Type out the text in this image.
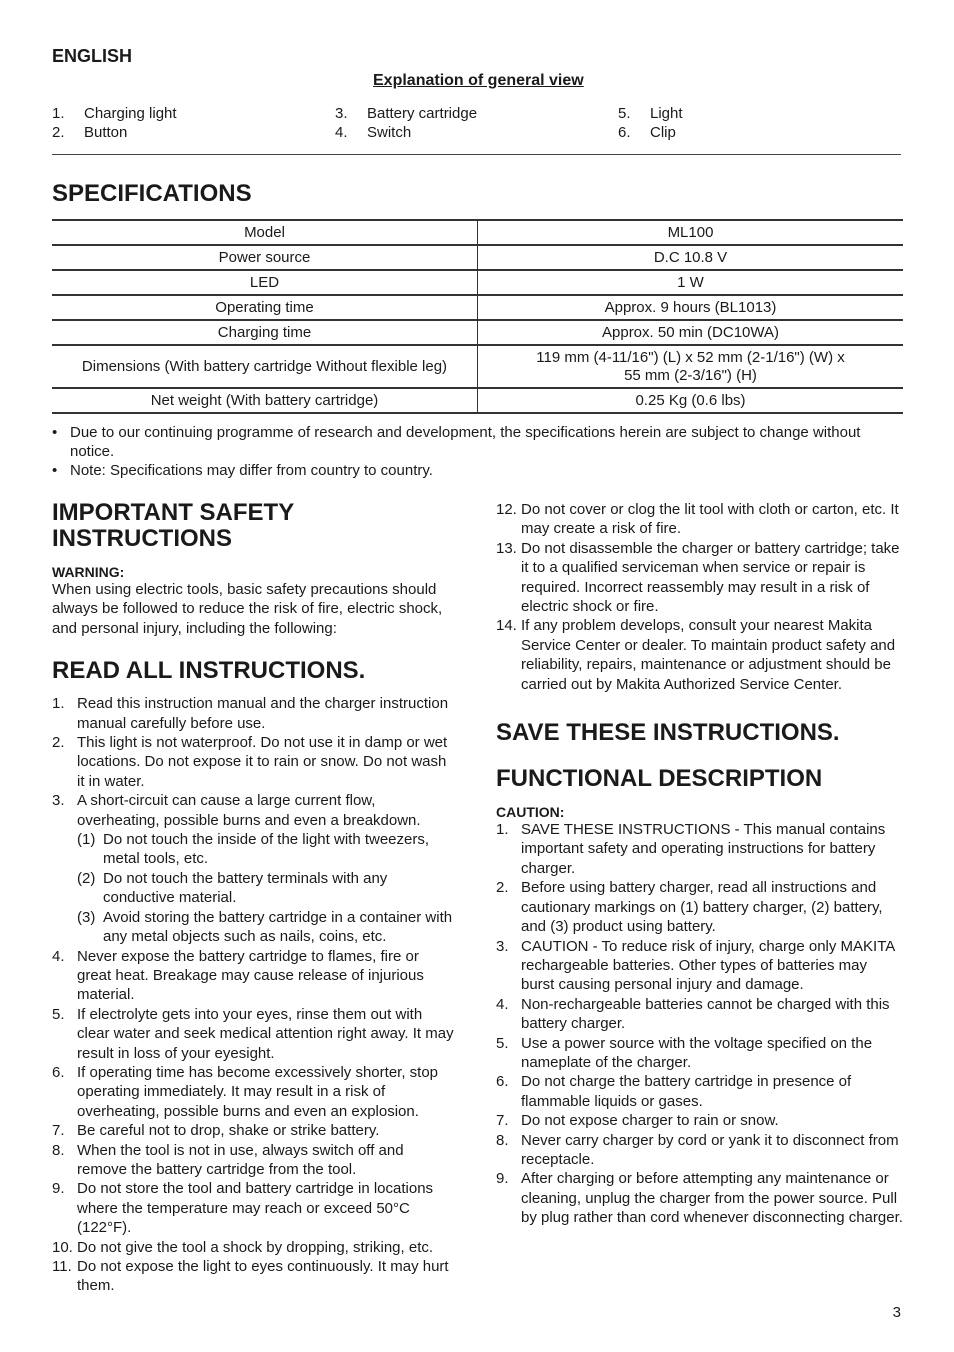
ENGLISH
Explanation of general view
1. Charging light
2. Button
3. Battery cartridge
4. Switch
5. Light
6. Clip
SPECIFICATIONS
Model	ML100
Power source	D.C 10.8 V
LED	1 W
Operating time	Approx. 9 hours (BL1013)
Charging time	Approx. 50 min (DC10WA)
Dimensions (With battery cartridge Without flexible leg)	119 mm (4-11/16") (L) x 52 mm (2-1/16") (W) x
55 mm (2-3/16") (H)

Net weight (With battery cartridge)	0.25 Kg (0.6 lbs)
• Due to our continuing programme of research and development, the specifications herein are subject to change without notice.
• Note: Specifications may differ from country to country.
IMPORTANT SAFETY
INSTRUCTIONS
WARNING:
When using electric tools, basic safety precautions should always be followed to reduce the risk of fire, electric shock, and personal injury, including the following:
READ ALL INSTRUCTIONS.
1. Read this instruction manual and the charger instruction manual carefully before use.
2. This light is not waterproof. Do not use it in damp or wet locations. Do not expose it to rain or snow. Do not wash it in water.
3. A short-circuit can cause a large current flow, overheating, possible burns and even a breakdown.
(1) Do not touch the inside of the light with tweezers, metal tools, etc.
(2) Do not touch the battery terminals with any conductive material.
(3) Avoid storing the battery cartridge in a container with any metal objects such as nails, coins, etc.
4. Never expose the battery cartridge to flames, fire or great heat. Breakage may cause release of injurious material.
5. If electrolyte gets into your eyes, rinse them out with clear water and seek medical attention right away. It may result in loss of your eyesight.
6. If operating time has become excessively shorter, stop operating immediately. It may result in a risk of overheating, possible burns and even an explosion.
7. Be careful not to drop, shake or strike battery.
8. When the tool is not in use, always switch off and remove the battery cartridge from the tool.
9. Do not store the tool and battery cartridge in locations where the temperature may reach or exceed 50°C (122°F).
10. Do not give the tool a shock by dropping, striking, etc.
11. Do not expose the light to eyes continuously. It may hurt them.
12. Do not cover or clog the lit tool with cloth or carton, etc. It may create a risk of fire.
13. Do not disassemble the charger or battery cartridge; take it to a qualified serviceman when service or repair is required. Incorrect reassembly may result in a risk of electric shock or fire.
14. If any problem develops, consult your nearest Makita Service Center or dealer. To maintain product safety and reliability, repairs, maintenance or adjustment should be carried out by Makita Authorized Service Center.
SAVE THESE INSTRUCTIONS.
FUNCTIONAL DESCRIPTION
CAUTION:
1. SAVE THESE INSTRUCTIONS - This manual contains important safety and operating instructions for battery charger.
2. Before using battery charger, read all instructions and cautionary markings on (1) battery charger, (2) battery, and (3) product using battery.
3. CAUTION - To reduce risk of injury, charge only MAKITA rechargeable batteries. Other types of batteries may burst causing personal injury and damage.
4. Non-rechargeable batteries cannot be charged with this battery charger.
5. Use a power source with the voltage specified on the nameplate of the charger.
6. Do not charge the battery cartridge in presence of flammable liquids or gases.
7. Do not expose charger to rain or snow.
8. Never carry charger by cord or yank it to disconnect from receptacle.
9. After charging or before attempting any maintenance or cleaning, unplug the charger from the power source. Pull by plug rather than cord whenever disconnecting charger.
3
